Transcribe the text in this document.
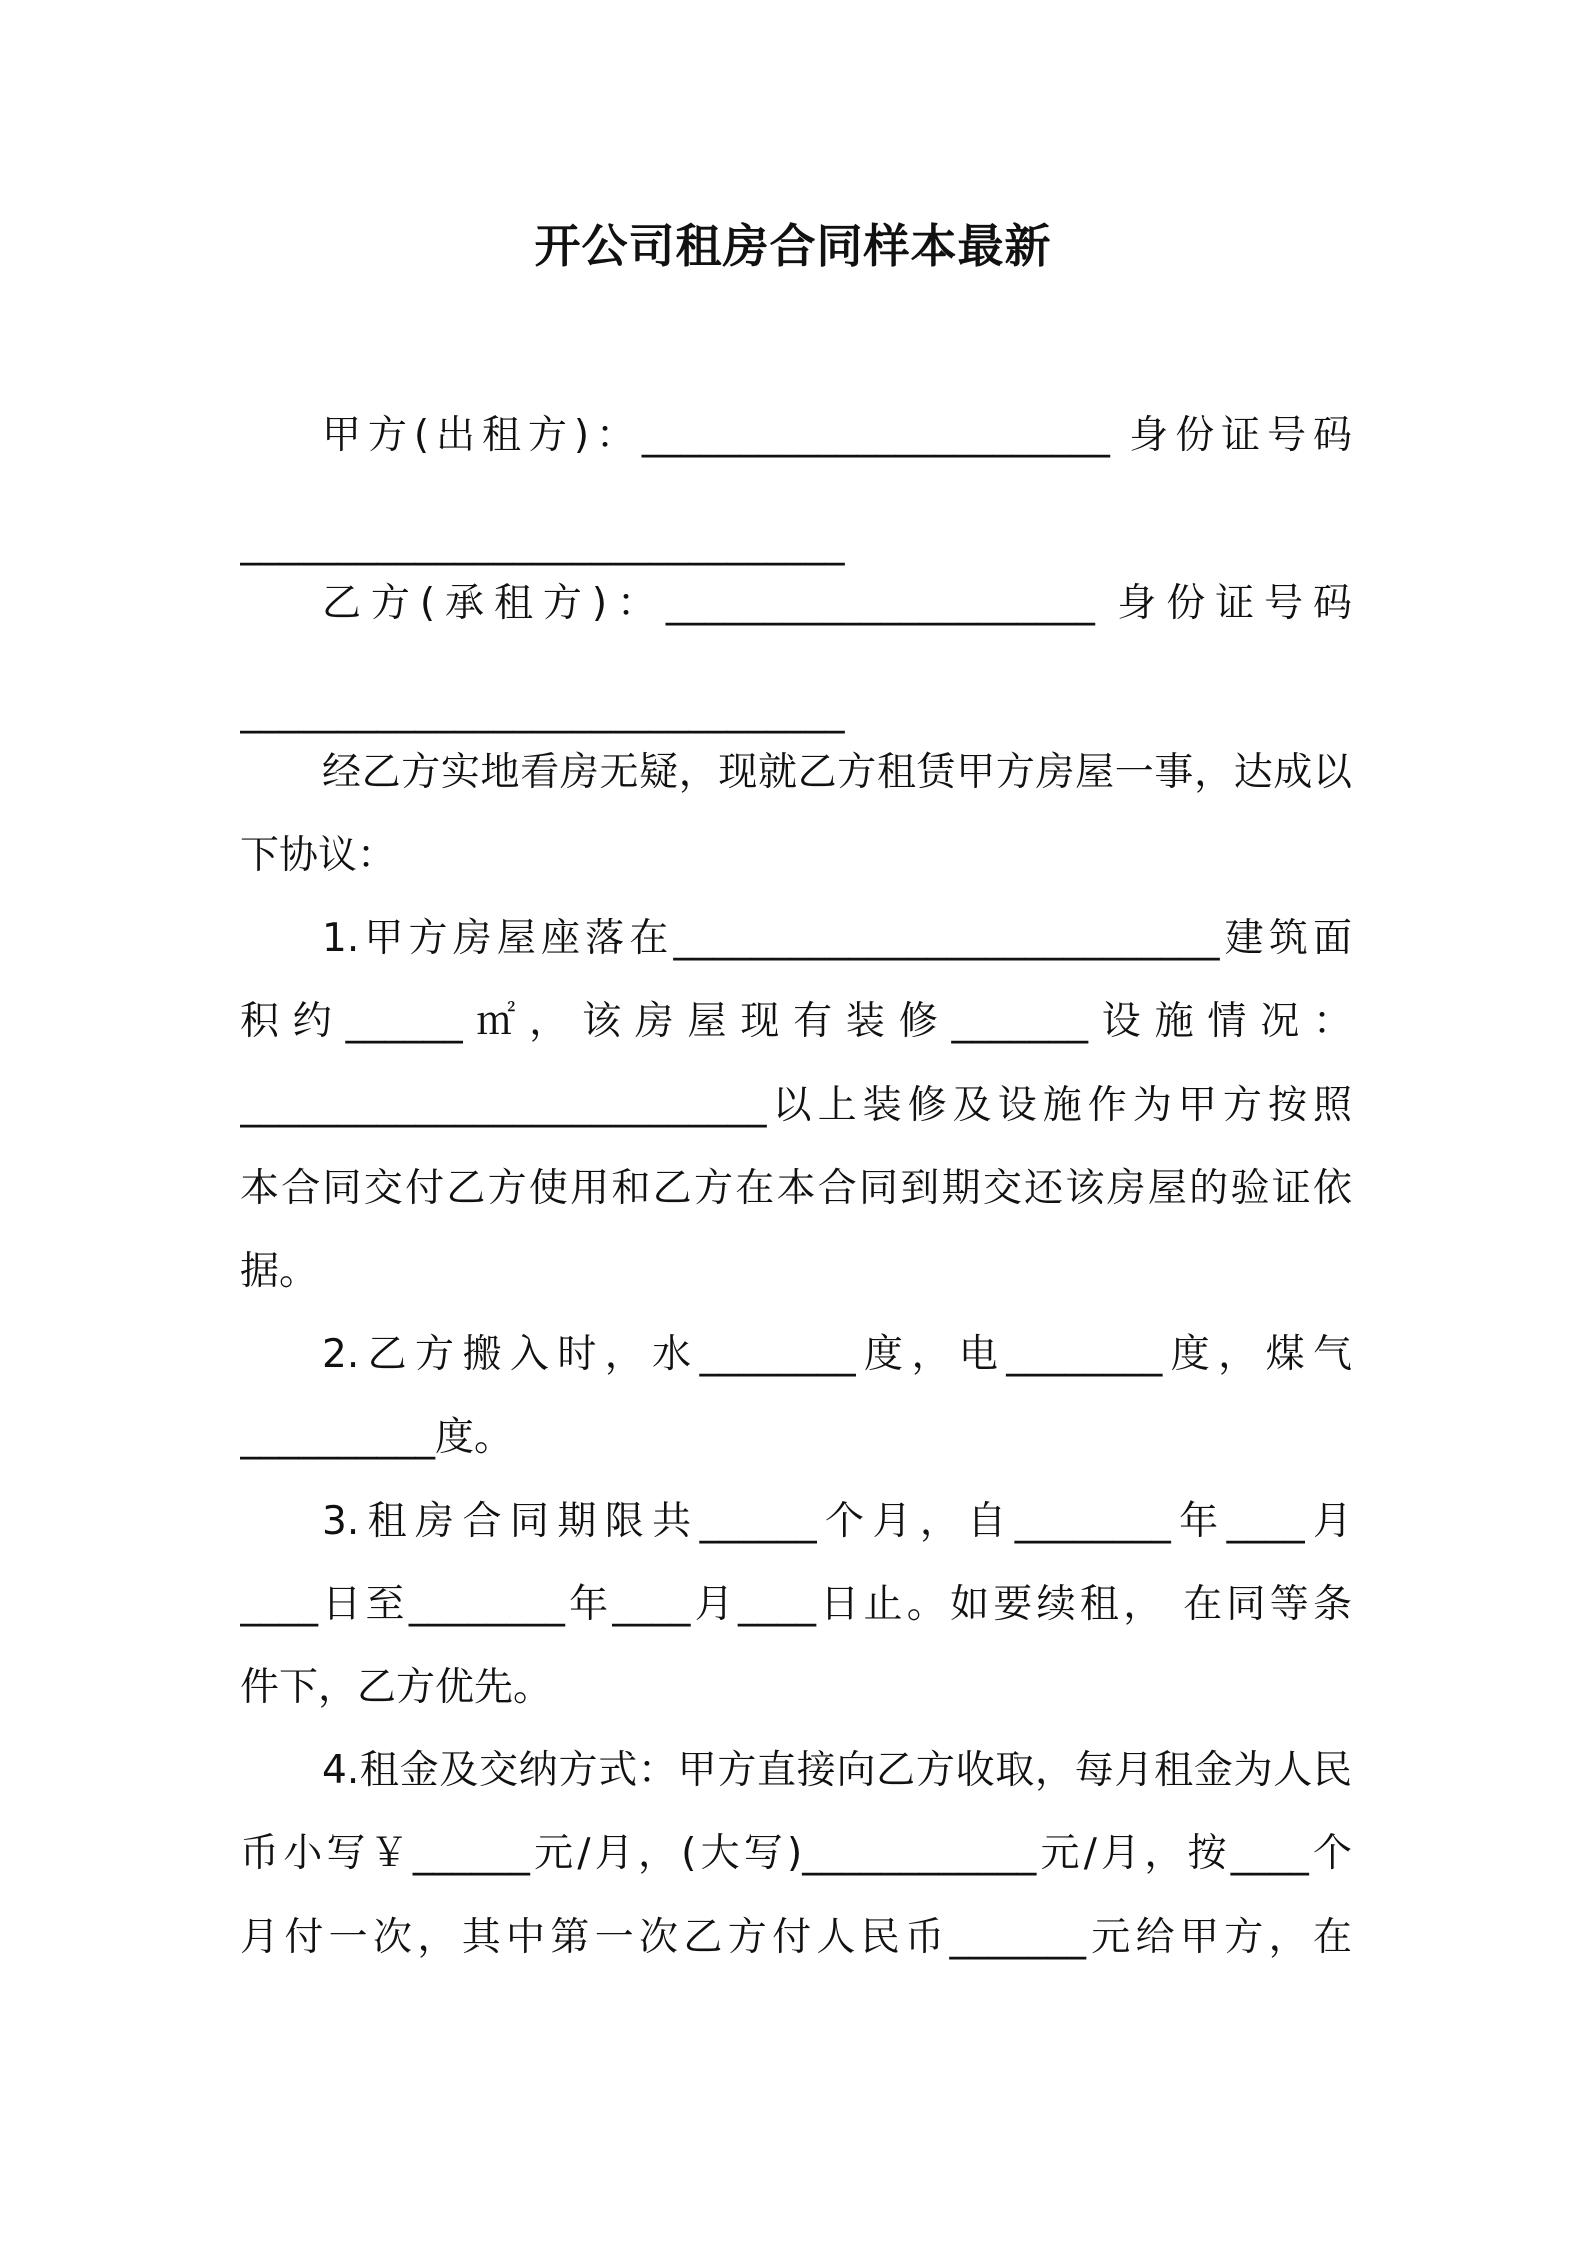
开公司租房合同样本最新
甲方(出租方)：________________________ 身份证号码
_______________________________
乙方(承租方)：______________________ 身份证号码
_______________________________
经乙方实地看房无疑，现就乙方租赁甲方房屋一事，达成以
下协议：
1.甲方房屋座落在____________________________建筑面
积约______㎡，该房屋现有装修_______设施情况：
___________________________以上装修及设施作为甲方按照
本合同交付乙方使用和乙方在本合同到期交还该房屋的验证依
据。
2.乙方搬入时，水________度，电________度，煤气
__________度。
3.租房合同期限共______个月，自________年____月
____日至________年____月____日止。如要续租， 在同等条
件下，乙方优先。
4.租金及交纳方式：甲方直接向乙方收取，每月租金为人民
币小写￥______元/月，(大写)____________元/月，按____个
月付一次，其中第一次乙方付人民币_______元给甲方，在
